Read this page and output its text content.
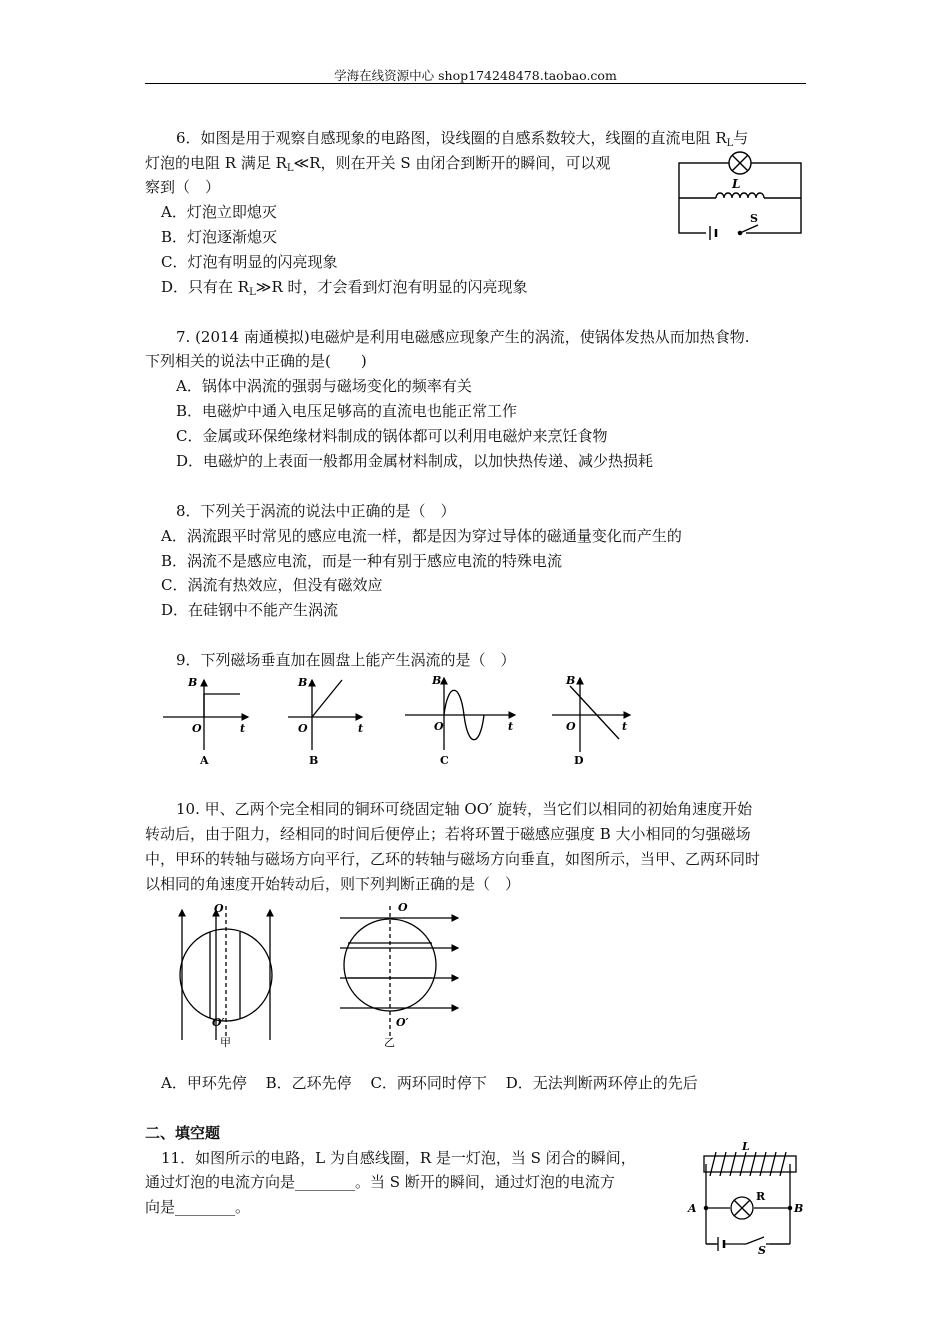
学海在线资源中心 shop174248478.taobao.com
6．如图是用于观察自感现象的电路图，设线圈的自感系数较大，线圈的直流电阻 $R_L$与
灯泡的电阻 R 满足 $R_L≪R$，则在开关 S 由闭合到断开的瞬间，可以观
察到（　）
A．灯泡立即熄灭
B．灯泡逐渐熄灭
C．灯泡有明显的闪亮现象
D．只有在 $R_L≫R$ 时，才会看到灯泡有明显的闪亮现象
L
S
7. (2014 南通模拟)电磁炉是利用电磁感应现象产生的涡流，使锅体发热从而加热食物.
下列相关的说法中正确的是(　　)
A．锅体中涡流的强弱与磁场变化的频率有关
B．电磁炉中通入电压足够高的直流电也能正常工作
C．金属或环保绝缘材料制成的锅体都可以利用电磁炉来烹饪食物
D．电磁炉的上表面一般都用金属材料制成，以加快热传递、减少热损耗
8．下列关于涡流的说法中正确的是（　）
A．涡流跟平时常见的感应电流一样，都是因为穿过导体的磁通量变化而产生的
B．涡流不是感应电流，而是一种有别于感应电流的特殊电流
C．涡流有热效应，但没有磁效应
D．在硅钢中不能产生涡流
9．下列磁场垂直加在圆盘上能产生涡流的是（　）
B
t
O
B
t
O
B
t
O
B
t
O
A	B	C	D
10. 甲、乙两个完全相同的铜环可绕固定轴 OO′ 旋转，当它们以相同的初始角速度开始
转动后，由于阻力，经相同的时间后便停止；若将环置于磁感应强度 B 大小相同的匀强磁场
中，甲环的转轴与磁场方向平行，乙环的转轴与磁场方向垂直，如图所示，当甲、乙两环同时
以相同的角速度开始转动后，则下列判断正确的是（　）
O
O′
O
O′
甲	乙
A．甲环先停 B．乙环先停 C．两环同时停下 D．无法判断两环停止的先后
二、填空题
11．如图所示的电路，L 为自感线圈，R 是一灯泡，当 S 闭合的瞬间，
通过灯泡的电流方向是________。当 S 断开的瞬间，通过灯泡的电流方
向是________。
L
A	B
S
R
